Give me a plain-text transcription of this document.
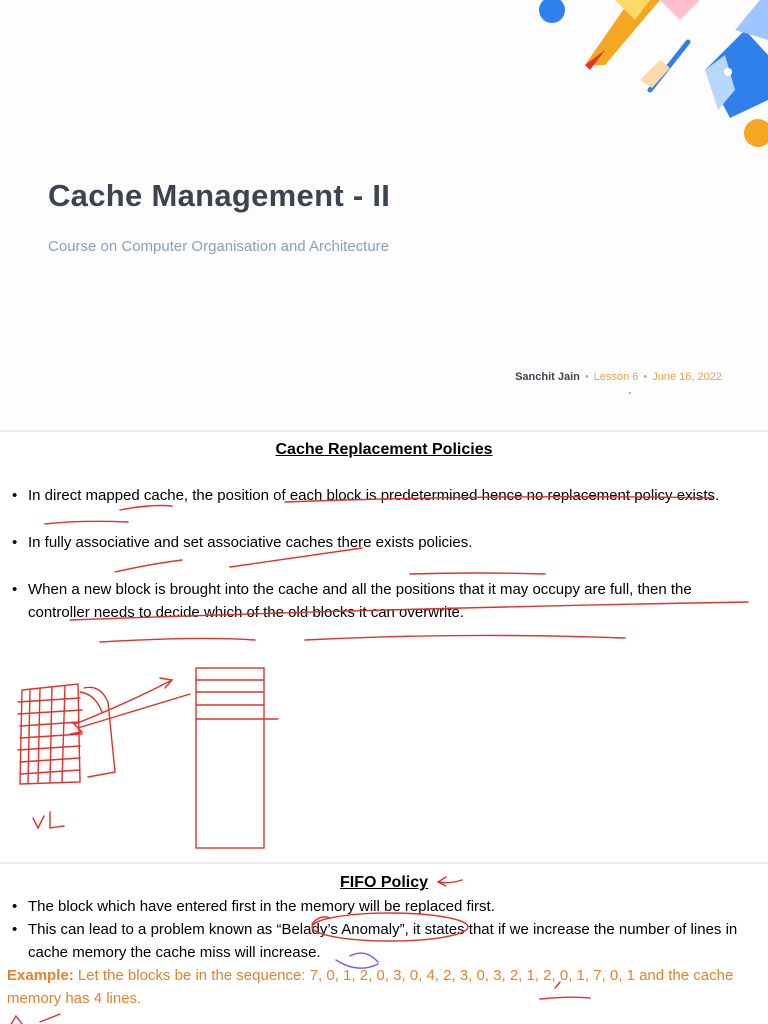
Cache Management - II
Course on Computer Organisation and Architecture
Sanchit Jain • Lesson 6 • June 16, 2022
Cache Replacement Policies
• In direct mapped cache, the position of each block is predetermined hence no replacement policy exists.
• In fully associative and set associative caches there exists policies.
• When a new block is brought into the cache and all the positions that it may occupy are full, then the controller needs to decide which of the old blocks it can overwrite.
FIFO Policy
• The block which have entered first in the memory will be replaced first.
• This can lead to a problem known as “Belady’s Anomaly”, it states that if we increase the number of lines in cache memory the cache miss will increase.
Example: Let the blocks be in the sequence: 7, 0, 1, 2, 0, 3, 0, 4, 2, 3, 0, 3, 2, 1, 2, 0, 1, 7, 0, 1 and the cache memory has 4 lines.
